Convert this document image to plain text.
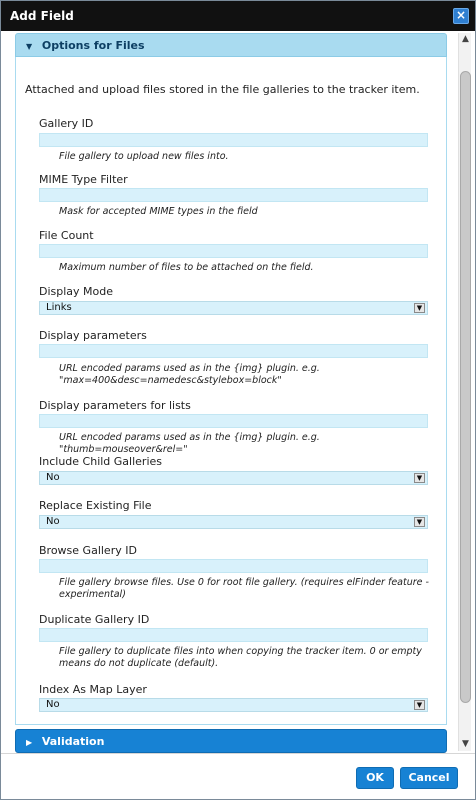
Add Field	×
▼ Options for Files
Attached and upload files stored in the file galleries to the tracker item.
Gallery ID
File gallery to upload new files into.
MIME Type Filter
Mask for accepted MIME types in the field
File Count
Maximum number of files to be attached on the field.
Display Mode
Links	▼
Display parameters
URL encoded params used as in the {img} plugin. e.g. "max=400&desc=namedesc&stylebox=block"
Display parameters for lists
URL encoded params used as in the {img} plugin. e.g. "thumb=mouseover&rel="
Include Child Galleries
No	▼
Replace Existing File
No	▼
Browse Gallery ID
File gallery browse files. Use 0 for root file gallery. (requires elFinder feature - experimental)
Duplicate Gallery ID
File gallery to duplicate files into when copying the tracker item. 0 or empty means do not duplicate (default).
Index As Map Layer
No	▼
▶ Validation
▲
▼
OK	Cancel
